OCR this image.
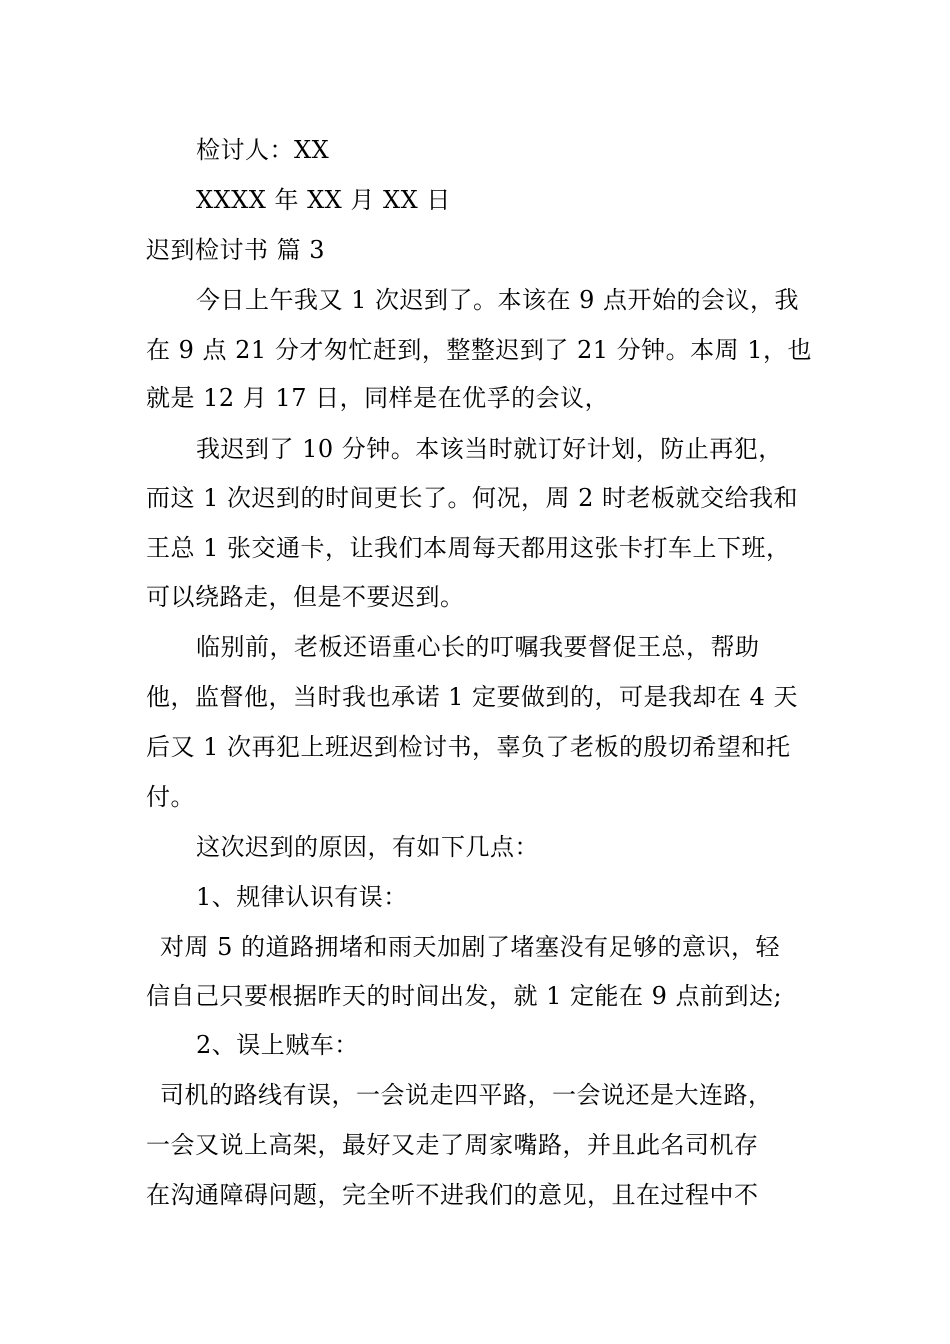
检讨人：XX
XXXX 年 XX 月 XX 日
迟到检讨书 篇 3
今日上午我又 1 次迟到了。本该在 9 点开始的会议，我
在 9 点 21 分才匆忙赶到，整整迟到了 21 分钟。本周 1，也
就是 12 月 17 日，同样是在优孚的会议，
我迟到了 10 分钟。本该当时就订好计划，防止再犯，
而这 1 次迟到的时间更长了。何况，周 2 时老板就交给我和
王总 1 张交通卡，让我们本周每天都用这张卡打车上下班，
可以绕路走，但是不要迟到。
临别前，老板还语重心长的叮嘱我要督促王总，帮助
他，监督他，当时我也承诺 1 定要做到的，可是我却在 4 天
后又 1 次再犯上班迟到检讨书，辜负了老板的殷切希望和托
付。
这次迟到的原因，有如下几点：
1、规律认识有误：
对周 5 的道路拥堵和雨天加剧了堵塞没有足够的意识，轻
信自己只要根据昨天的时间出发，就 1 定能在 9 点前到达;
2、误上贼车：
司机的路线有误，一会说走四平路，一会说还是大连路，
一会又说上高架，最好又走了周家嘴路，并且此名司机存
在沟通障碍问题，完全听不进我们的意见，且在过程中不
